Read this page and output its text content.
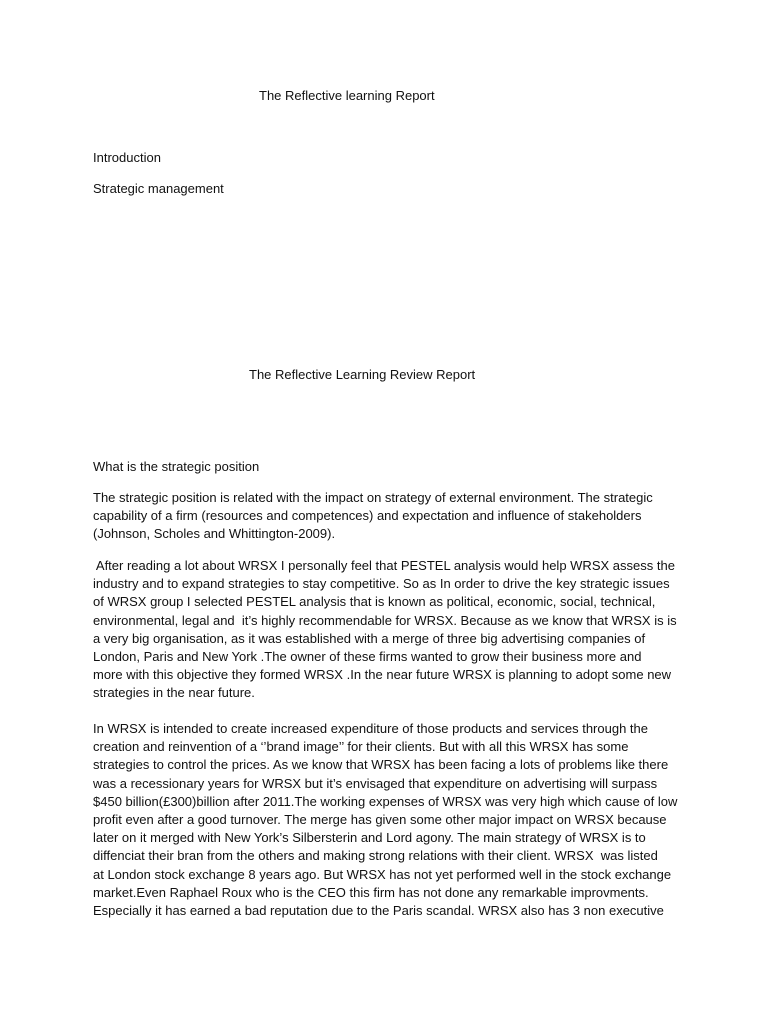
The Reflective learning Report
Introduction
Strategic management
The Reflective Learning Review Report
What is the strategic position
The strategic position is related with the impact on strategy of external environment. The strategic
capability of a firm (resources and competences) and expectation and influence of stakeholders
(Johnson, Scholes and Whittington-2009).
After reading a lot about WRSX I personally feel that PESTEL analysis would help WRSX assess the
industry and to expand strategies to stay competitive. So as In order to drive the key strategic issues
of WRSX group I selected PESTEL analysis that is known as political, economic, social, technical,
environmental, legal and  it’s highly recommendable for WRSX. Because as we know that WRSX is is
a very big organisation, as it was established with a merge of three big advertising companies of
London, Paris and New York .The owner of these firms wanted to grow their business more and
more with this objective they formed WRSX .In the near future WRSX is planning to adopt some new
strategies in the near future.
In WRSX is intended to create increased expenditure of those products and services through the
creation and reinvention of a ‘’brand image’’ for their clients. But with all this WRSX has some
strategies to control the prices. As we know that WRSX has been facing a lots of problems like there
was a recessionary years for WRSX but it’s envisaged that expenditure on advertising will surpass
$450 billion(£300)billion after 2011.The working expenses of WRSX was very high which cause of low
profit even after a good turnover. The merge has given some other major impact on WRSX because
later on it merged with New York’s Silbersterin and Lord agony. The main strategy of WRSX is to
diffenciat their bran from the others and making strong relations with their client. WRSX  was listed
at London stock exchange 8 years ago. But WRSX has not yet performed well in the stock exchange
market.Even Raphael Roux who is the CEO this firm has not done any remarkable improvments.
Especially it has earned a bad reputation due to the Paris scandal. WRSX also has 3 non executive
